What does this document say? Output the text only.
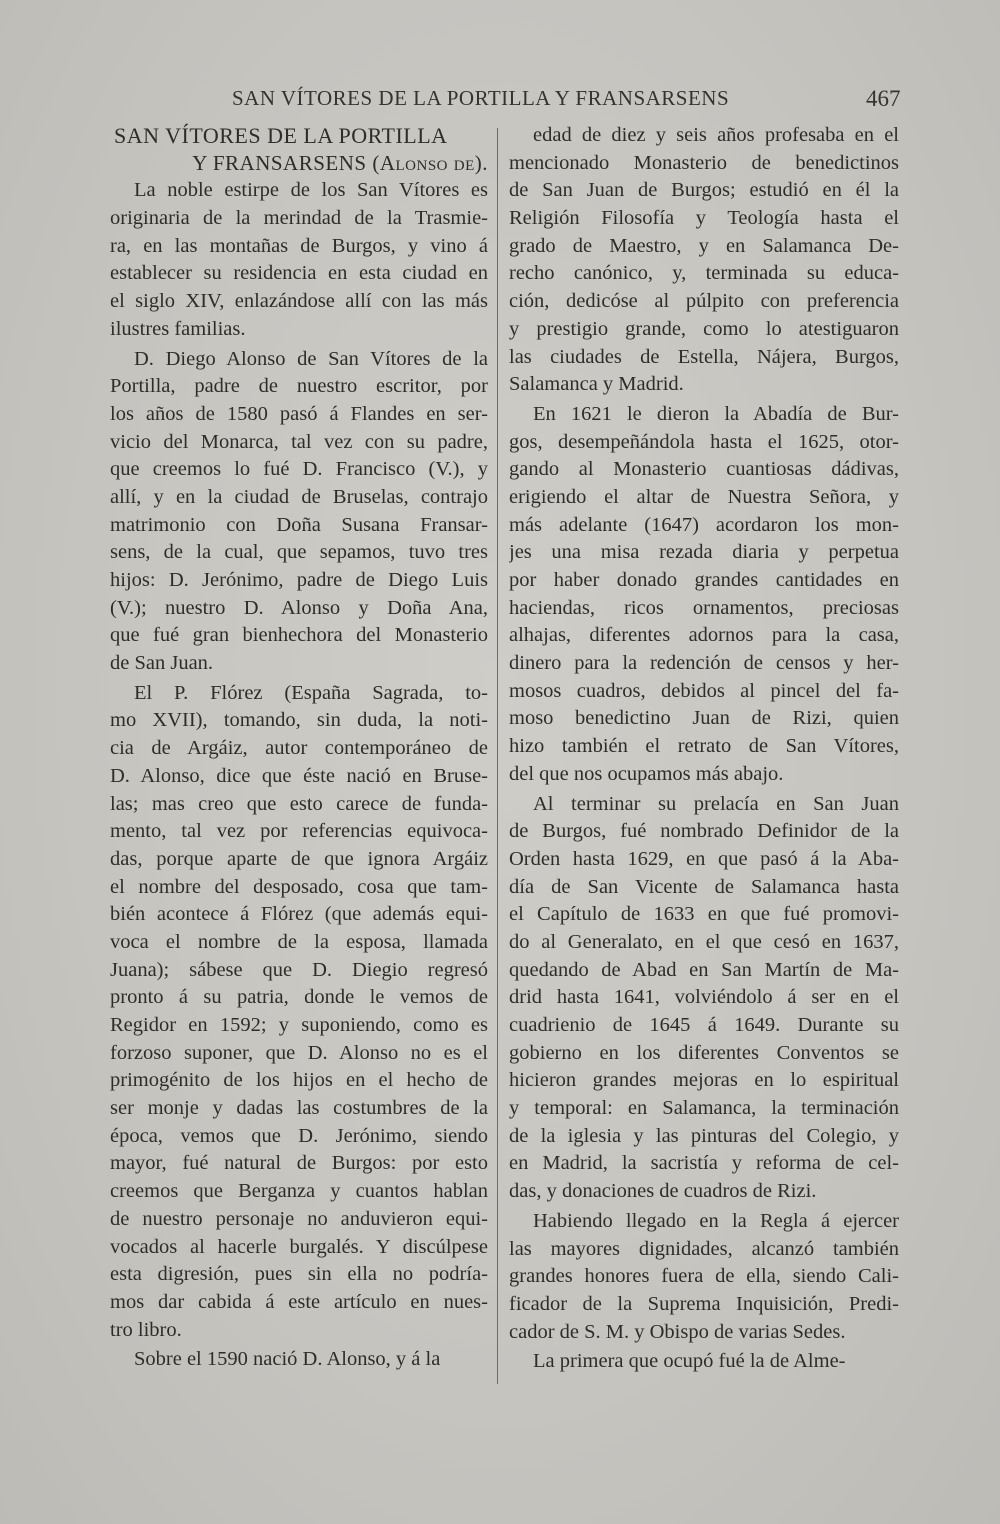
SAN VÍTORES DE LA PORTILLA Y FRANSARSENS	467
SAN VÍTORES DE LA PORTILLA
Y FRANSARSENS (Alonso de).
La noble estirpe de los San Vítores es
originaria de la merindad de la Trasmie-
ra, en las montañas de Burgos, y vino á
establecer su residencia en esta ciudad en
el siglo XIV, enlazándose allí con las más
ilustres familias.
D. Diego Alonso de San Vítores de la
Portilla, padre de nuestro escritor, por
los años de 1580 pasó á Flandes en ser-
vicio del Monarca, tal vez con su padre,
que creemos lo fué D. Francisco (V.), y
allí, y en la ciudad de Bruselas, contrajo
matrimonio con Doña Susana Fransar-
sens, de la cual, que sepamos, tuvo tres
hijos: D. Jerónimo, padre de Diego Luis
(V.); nuestro D. Alonso y Doña Ana,
que fué gran bienhechora del Monasterio
de San Juan.
El P. Flórez (España Sagrada, to-
mo XVII), tomando, sin duda, la noti-
cia de Argáiz, autor contemporáneo de
D. Alonso, dice que éste nació en Bruse-
las; mas creo que esto carece de funda-
mento, tal vez por referencias equivoca-
das, porque aparte de que ignora Argáiz
el nombre del desposado, cosa que tam-
bién acontece á Flórez (que además equi-
voca el nombre de la esposa, llamada
Juana); sábese que D. Diegio regresó
pronto á su patria, donde le vemos de
Regidor en 1592; y suponiendo, como es
forzoso suponer, que D. Alonso no es el
primogénito de los hijos en el hecho de
ser monje y dadas las costumbres de la
época, vemos que D. Jerónimo, siendo
mayor, fué natural de Burgos: por esto
creemos que Berganza y cuantos hablan
de nuestro personaje no anduvieron equi-
vocados al hacerle burgalés. Y discúlpese
esta digresión, pues sin ella no podría-
mos dar cabida á este artículo en nues-
tro libro.
Sobre el 1590 nació D. Alonso, y á la
edad de diez y seis años profesaba en el
mencionado Monasterio de benedictinos
de San Juan de Burgos; estudió en él la
Religión Filosofía y Teología hasta el
grado de Maestro, y en Salamanca De-
recho canónico, y, terminada su educa-
ción, dedicóse al púlpito con preferencia
y prestigio grande, como lo atestiguaron
las ciudades de Estella, Nájera, Burgos,
Salamanca y Madrid.
En 1621 le dieron la Abadía de Bur-
gos, desempeñándola hasta el 1625, otor-
gando al Monasterio cuantiosas dádivas,
erigiendo el altar de Nuestra Señora, y
más adelante (1647) acordaron los mon-
jes una misa rezada diaria y perpetua
por haber donado grandes cantidades en
haciendas, ricos ornamentos, preciosas
alhajas, diferentes adornos para la casa,
dinero para la redención de censos y her-
mosos cuadros, debidos al pincel del fa-
moso benedictino Juan de Rizi, quien
hizo también el retrato de San Vítores,
del que nos ocupamos más abajo.
Al terminar su prelacía en San Juan
de Burgos, fué nombrado Definidor de la
Orden hasta 1629, en que pasó á la Aba-
día de San Vicente de Salamanca hasta
el Capítulo de 1633 en que fué promovi-
do al Generalato, en el que cesó en 1637,
quedando de Abad en San Martín de Ma-
drid hasta 1641, volviéndolo á ser en el
cuadrienio de 1645 á 1649. Durante su
gobierno en los diferentes Conventos se
hicieron grandes mejoras en lo espiritual
y temporal: en Salamanca, la terminación
de la iglesia y las pinturas del Colegio, y
en Madrid, la sacristía y reforma de cel-
das, y donaciones de cuadros de Rizi.
Habiendo llegado en la Regla á ejercer
las mayores dignidades, alcanzó también
grandes honores fuera de ella, siendo Cali-
ficador de la Suprema Inquisición, Predi-
cador de S. M. y Obispo de varias Sedes.
La primera que ocupó fué la de Alme-
